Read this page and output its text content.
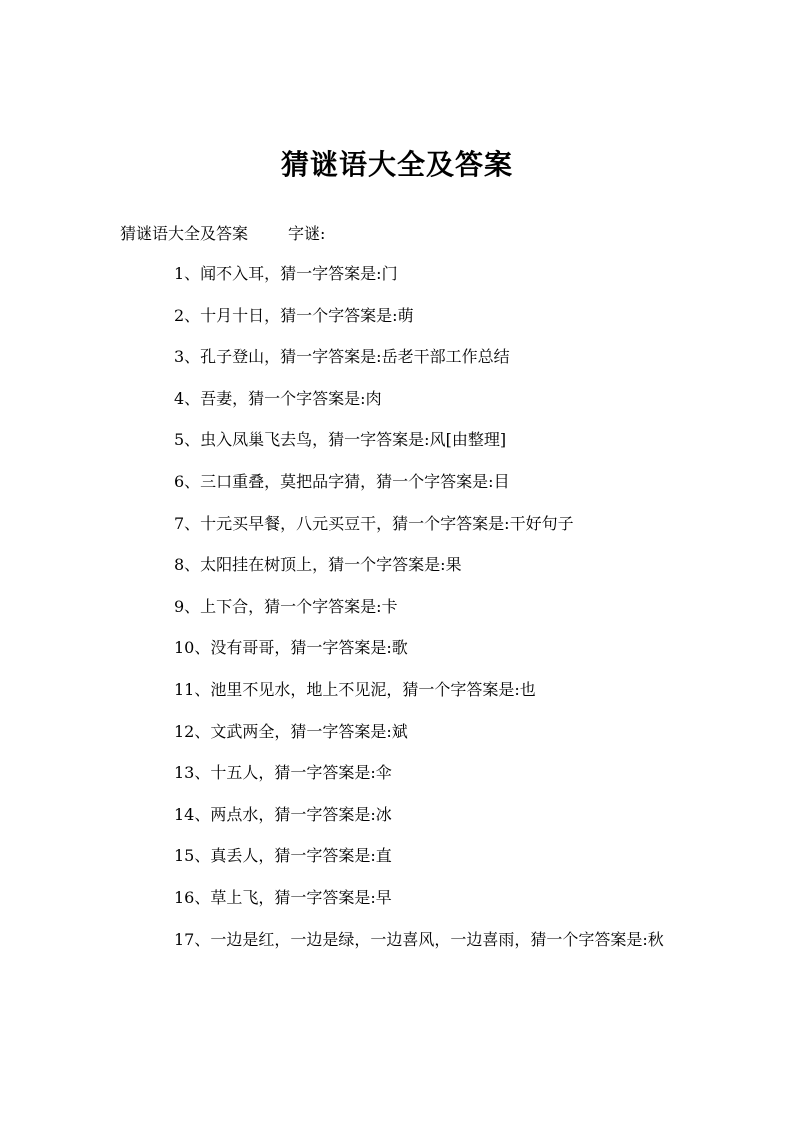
猜谜语大全及答案
猜谜语大全及答案	字谜:
1、闻不入耳，猜一字答案是:门
2、十月十日，猜一个字答案是:萌
3、孔子登山，猜一字答案是:岳老干部工作总结
4、吾妻，猜一个字答案是:肉
5、虫入凤巢飞去鸟，猜一字答案是:风[由整理]
6、三口重叠，莫把品字猜，猜一个字答案是:目
7、十元买早餐，八元买豆干，猜一个字答案是:干好句子
8、太阳挂在树顶上，猜一个字答案是:果
9、上下合，猜一个字答案是:卡
10、没有哥哥，猜一字答案是:歌
11、池里不见水，地上不见泥，猜一个字答案是:也
12、文武两全，猜一字答案是:斌
13、十五人，猜一字答案是:伞
14、两点水，猜一字答案是:冰
15、真丢人，猜一字答案是:直
16、草上飞，猜一字答案是:早
17、一边是红，一边是绿，一边喜风，一边喜雨，猜一个字答案是:秋
